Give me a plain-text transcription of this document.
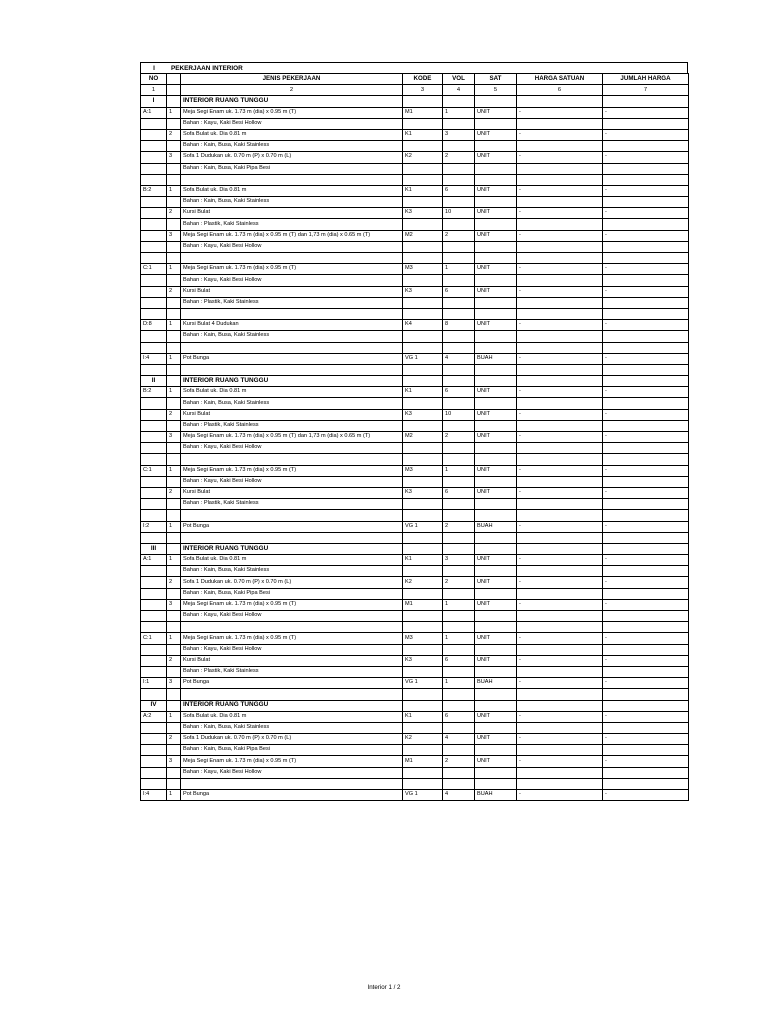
I	PEKERJAAN INTERIOR
NO		JENIS PEKERJAAN	KODE	VOL	SAT	HARGA SATUAN	JUMLAH HARGA
1		2	3	4	5	6	7
I		INTERIOR RUANG TUNGGU					
A:1	1	Meja Segi Enam uk. 1.73 m (dia) x 0.95 m (T)	M1	1	UNIT	-	-
		Bahan : Kayu, Kaki Besi Hollow					
	2	Sofa Bulat uk. Dia 0.81 m	K1	3	UNIT	-	-
		Bahan : Kain, Busa, Kaki Stainless					
	3	Sofa 1 Dudukan uk. 0.70 m (P) x 0.70 m (L)	K2	2	UNIT	-	-
		Bahan : Kain, Busa, Kaki Pipa Besi					

B:2	1	Sofa Bulat uk. Dia 0.81 m	K1	6	UNIT	-	-
		Bahan : Kain, Busa, Kaki Stainless					
	2	Kursi Bulat	K3	10	UNIT	-	-
		Bahan : Plastik, Kaki Stainless					
	3	Meja Segi Enam uk. 1.73 m (dia) x 0.95 m (T) dan 1,73 m (dia) x 0.65 m (T)	M2	2	UNIT	-	-
		Bahan : Kayu, Kaki Besi Hollow					

C:1	1	Meja Segi Enam uk. 1.73 m (dia) x 0.95 m (T)	M3	1	UNIT	-	-
		Bahan : Kayu, Kaki Besi Hollow					
	2	Kursi Bulat	K3	6	UNIT	-	-
		Bahan : Plastik, Kaki Stainless					

D:8	1	Kursi Bulat 4 Dudukan	K4	8	UNIT	-	-
		Bahan : Kain, Busa, Kaki Stainless					

I:4	1	Pot Bunga	VG 1	4	BUAH	-	-

II		INTERIOR RUANG TUNGGU					
B:2	1	Sofa Bulat uk. Dia 0.81 m	K1	6	UNIT	-	-
		Bahan : Kain, Busa, Kaki Stainless					
	2	Kursi Bulat	K3	10	UNIT	-	-
		Bahan : Plastik, Kaki Stainless					
	3	Meja Segi Enam uk. 1.73 m (dia) x 0.95 m (T) dan 1,73 m (dia) x 0.65 m (T)	M2	2	UNIT	-	-
		Bahan : Kayu, Kaki Besi Hollow					

C:1	1	Meja Segi Enam uk. 1.73 m (dia) x 0.95 m (T)	M3	1	UNIT	-	-
		Bahan : Kayu, Kaki Besi Hollow					
	2	Kursi Bulat	K3	6	UNIT	-	-
		Bahan : Plastik, Kaki Stainless					

I:2	1	Pot Bunga	VG 1	2	BUAH	-	-

III		INTERIOR RUANG TUNGGU					
A:1	1	Sofa Bulat uk. Dia 0.81 m	K1	3	UNIT	-	-
		Bahan : Kain, Busa, Kaki Stainless					
	2	Sofa 1 Dudukan uk. 0.70 m (P) x 0.70 m (L)	K2	2	UNIT	-	-
		Bahan : Kain, Busa, Kaki Pipa Besi					
	3	Meja Segi Enam uk. 1.73 m (dia) x 0.95 m (T)	M1	1	UNIT	-	-
		Bahan : Kayu, Kaki Besi Hollow					

C:1	1	Meja Segi Enam uk. 1.73 m (dia) x 0.95 m (T)	M3	1	UNIT	-	-
		Bahan : Kayu, Kaki Besi Hollow					
	2	Kursi Bulat	K3	6	UNIT	-	-
		Bahan : Plastik, Kaki Stainless					
I:1	3	Pot Bunga	VG 1	1	BUAH	-	-

IV		INTERIOR RUANG TUNGGU					
A:2	1	Sofa Bulat uk. Dia 0.81 m	K1	6	UNIT	-	-
		Bahan : Kain, Busa, Kaki Stainless					
	2	Sofa 1 Dudukan uk. 0.70 m (P) x 0.70 m (L)	K2	4	UNIT	-	-
		Bahan : Kain, Busa, Kaki Pipa Besi					
	3	Meja Segi Enam uk. 1.73 m (dia) x 0.95 m (T)	M1	2	UNIT	-	-
		Bahan : Kayu, Kaki Besi Hollow					

I:4	1	Pot Bunga	VG 1	4	BUAH	-	-
Interior 1 / 2
